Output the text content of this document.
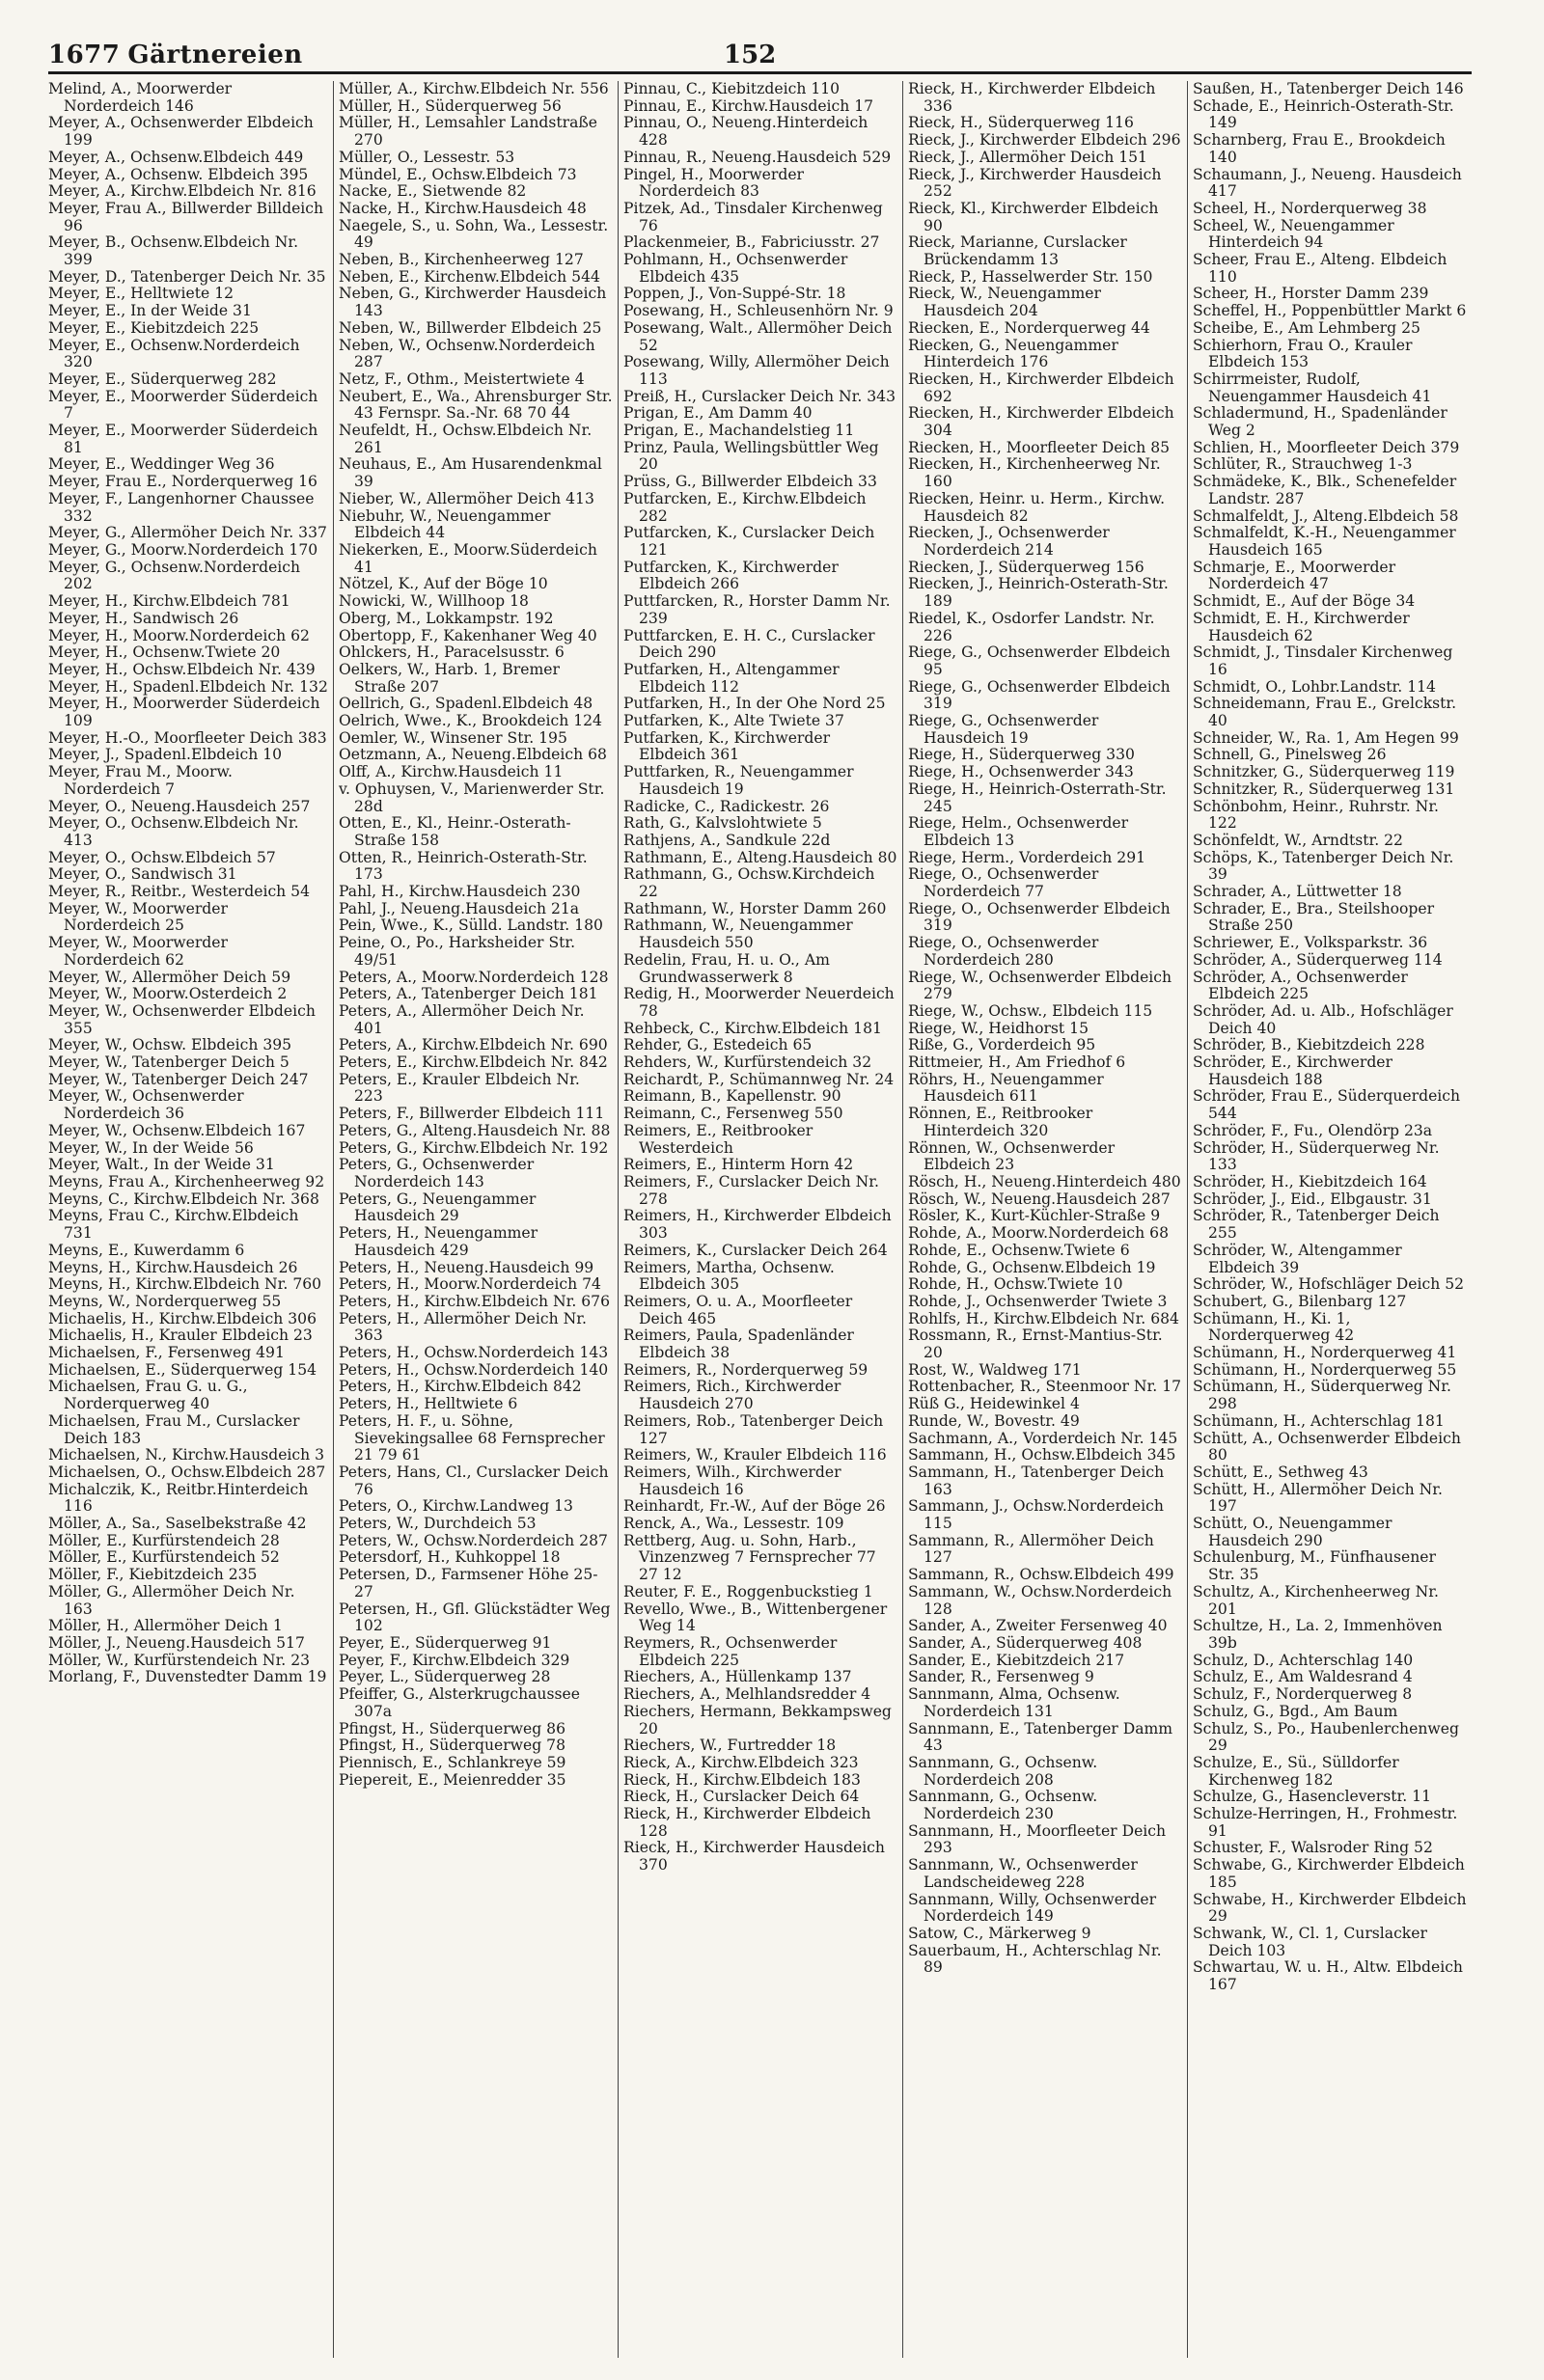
1677 Gärtnereien	152
Melind, A., Moorwerder Norderdeich 146
Meyer, A., Ochsenwerder Elbdeich 199
Meyer, A., Ochsenw.Elbdeich 449
Meyer, A., Ochsenw. Elbdeich 395
Meyer, A., Kirchw.Elbdeich Nr. 816
Meyer, Frau A., Billwerder Billdeich 96
Meyer, B., Ochsenw.Elbdeich Nr. 399
Meyer, D., Tatenberger Deich Nr. 35
Meyer, E., Helltwiete 12
Meyer, E., In der Weide 31
Meyer, E., Kiebitzdeich 225
Meyer, E., Ochsenw.Norderdeich 320
Meyer, E., Süderquerweg 282
Meyer, E., Moorwerder Süderdeich 7
Meyer, E., Moorwerder Süderdeich 81
Meyer, E., Weddinger Weg 36
Meyer, Frau E., Norderquerweg 16
Meyer, F., Langenhorner Chaussee 332
Meyer, G., Allermöher Deich Nr. 337
Meyer, G., Moorw.Norderdeich 170
Meyer, G., Ochsenw.Norderdeich 202
Meyer, H., Kirchw.Elbdeich 781
Meyer, H., Sandwisch 26
Meyer, H., Moorw.Norderdeich 62
Meyer, H., Ochsenw.Twiete 20
Meyer, H., Ochsw.Elbdeich Nr. 439
Meyer, H., Spadenl.Elbdeich Nr. 132
Meyer, H., Moorwerder Süderdeich 109
Meyer, H.-O., Moorfleeter Deich 383
Meyer, J., Spadenl.Elbdeich 10
Meyer, Frau M., Moorw. Norderdeich 7
Meyer, O., Neueng.Hausdeich 257
Meyer, O., Ochsenw.Elbdeich Nr. 413
Meyer, O., Ochsw.Elbdeich 57
Meyer, O., Sandwisch 31
Meyer, R., Reitbr., Westerdeich 54
Meyer, W., Moorwerder Norderdeich 25
Meyer, W., Moorwerder Norderdeich 62
Meyer, W., Allermöher Deich 59
Meyer, W., Moorw.Osterdeich 2
Meyer, W., Ochsenwerder Elbdeich 355
Meyer, W., Ochsw. Elbdeich 395
Meyer, W., Tatenberger Deich 5
Meyer, W., Tatenberger Deich 247
Meyer, W., Ochsenwerder Norderdeich 36
Meyer, W., Ochsenw.Elbdeich 167
Meyer, W., In der Weide 56
Meyer, Walt., In der Weide 31
Meyns, Frau A., Kirchenheerweg 92
Meyns, C., Kirchw.Elbdeich Nr. 368
Meyns, Frau C., Kirchw.Elbdeich 731
Meyns, E., Kuwerdamm 6
Meyns, H., Kirchw.Hausdeich 26
Meyns, H., Kirchw.Elbdeich Nr. 760
Meyns, W., Norderquerweg 55
Michaelis, H., Kirchw.Elbdeich 306
Michaelis, H., Krauler Elbdeich 23
Michaelsen, F., Fersenweg 491
Michaelsen, E., Süderquerweg 154
Michaelsen, Frau G. u. G., Norderquerweg 40
Michaelsen, Frau M., Curslacker Deich 183
Michaelsen, N., Kirchw.Hausdeich 3
Michaelsen, O., Ochsw.Elbdeich 287
Michalczik, K., Reitbr.Hinterdeich 116
Möller, A., Sa., Saselbekstraße 42
Möller, E., Kurfürstendeich 28
Möller, E., Kurfürstendeich 52
Möller, F., Kiebitzdeich 235
Möller, G., Allermöher Deich Nr. 163
Möller, H., Allermöher Deich 1
Möller, J., Neueng.Hausdeich 517
Möller, W., Kurfürstendeich Nr. 23
Morlang, F., Duvenstedter Damm 19
Müller, A., Kirchw.Elbdeich Nr. 556
Müller, H., Süderquerweg 56
Müller, H., Lemsahler Landstraße 270
Müller, O., Lessestr. 53
Mündel, E., Ochsw.Elbdeich 73
Nacke, E., Sietwende 82
Nacke, H., Kirchw.Hausdeich 48
Naegele, S., u. Sohn, Wa., Lessestr. 49
Neben, B., Kirchenheerweg 127
Neben, E., Kirchenw.Elbdeich 544
Neben, G., Kirchwerder Hausdeich 143
Neben, W., Billwerder Elbdeich 25
Neben, W., Ochsenw.Norderdeich 287
Netz, F., Othm., Meistertwiete 4
Neubert, E., Wa., Ahrensburger Str. 43 Fernspr. Sa.-Nr. 68 70 44
Neufeldt, H., Ochsw.Elbdeich Nr. 261
Neuhaus, E., Am Husarendenkmal 39
Nieber, W., Allermöher Deich 413
Niebuhr, W., Neuengammer Elbdeich 44
Niekerken, E., Moorw.Süderdeich 41
Nötzel, K., Auf der Böge 10
Nowicki, W., Willhoop 18
Oberg, M., Lokkampstr. 192
Obertopp, F., Kakenhaner Weg 40
Ohlckers, H., Paracelsusstr. 6
Oelkers, W., Harb. 1, Bremer Straße 207
Oellrich, G., Spadenl.Elbdeich 48
Oelrich, Wwe., K., Brookdeich 124
Oemler, W., Winsener Str. 195
Oetzmann, A., Neueng.Elbdeich 68
Olff, A., Kirchw.Hausdeich 11
v. Ophuysen, V., Marienwerder Str. 28d
Otten, E., Kl., Heinr.-Osterath-Straße 158
Otten, R., Heinrich-Osterath-Str. 173
Pahl, H., Kirchw.Hausdeich 230
Pahl, J., Neueng.Hausdeich 21a
Pein, Wwe., K., Sülld. Landstr. 180
Peine, O., Po., Harksheider Str. 49/51
Peters, A., Moorw.Norderdeich 128
Peters, A., Tatenberger Deich 181
Peters, A., Allermöher Deich Nr. 401
Peters, A., Kirchw.Elbdeich Nr. 690
Peters, E., Kirchw.Elbdeich Nr. 842
Peters, E., Krauler Elbdeich Nr. 223
Peters, F., Billwerder Elbdeich 111
Peters, G., Alteng.Hausdeich Nr. 88
Peters, G., Kirchw.Elbdeich Nr. 192
Peters, G., Ochsenwerder Norderdeich 143
Peters, G., Neuengammer Hausdeich 29
Peters, H., Neuengammer Hausdeich 429
Peters, H., Neueng.Hausdeich 99
Peters, H., Moorw.Norderdeich 74
Peters, H., Kirchw.Elbdeich Nr. 676
Peters, H., Allermöher Deich Nr. 363
Peters, H., Ochsw.Norderdeich 143
Peters, H., Ochsw.Norderdeich 140
Peters, H., Kirchw.Elbdeich 842
Peters, H., Helltwiete 6
Peters, H. F., u. Söhne, Sievekingsallee 68 Fernsprecher 21 79 61
Peters, Hans, Cl., Curslacker Deich 76
Peters, O., Kirchw.Landweg 13
Peters, W., Durchdeich 53
Peters, W., Ochsw.Norderdeich 287
Petersdorf, H., Kuhkoppel 18
Petersen, D., Farmsener Höhe 25-27
Petersen, H., Gfl. Glückstädter Weg 102
Peyer, E., Süderquerweg 91
Peyer, F., Kirchw.Elbdeich 329
Peyer, L., Süderquerweg 28
Pfeiffer, G., Alsterkrugchaussee 307a
Pfingst, H., Süderquerweg 86
Pfingst, H., Süderquerweg 78
Piennisch, E., Schlankreye 59
Piepereit, E., Meienredder 35
Pinnau, C., Kiebitzdeich 110
Pinnau, E., Kirchw.Hausdeich 17
Pinnau, O., Neueng.Hinterdeich 428
Pinnau, R., Neueng.Hausdeich 529
Pingel, H., Moorwerder Norderdeich 83
Pitzek, Ad., Tinsdaler Kirchenweg 76
Plackenmeier, B., Fabriciusstr. 27
Pohlmann, H., Ochsenwerder Elbdeich 435
Poppen, J., Von-Suppé-Str. 18
Posewang, H., Schleusenhörn Nr. 9
Posewang, Walt., Allermöher Deich 52
Posewang, Willy, Allermöher Deich 113
Preiß, H., Curslacker Deich Nr. 343
Prigan, E., Am Damm 40
Prigan, E., Machandelstieg 11
Prinz, Paula, Wellingsbüttler Weg 20
Prüss, G., Billwerder Elbdeich 33
Putfarcken, E., Kirchw.Elbdeich 282
Putfarcken, K., Curslacker Deich 121
Putfarcken, K., Kirchwerder Elbdeich 266
Puttfarcken, R., Horster Damm Nr. 239
Puttfarcken, E. H. C., Curslacker Deich 290
Putfarken, H., Altengammer Elbdeich 112
Putfarken, H., In der Ohe Nord 25
Putfarken, K., Alte Twiete 37
Putfarken, K., Kirchwerder Elbdeich 361
Puttfarken, R., Neuengammer Hausdeich 19
Radicke, C., Radickestr. 26
Rath, G., Kalvslohtwiete 5
Rathjens, A., Sandkule 22d
Rathmann, E., Alteng.Hausdeich 80
Rathmann, G., Ochsw.Kirchdeich 22
Rathmann, W., Horster Damm 260
Rathmann, W., Neuengammer Hausdeich 550
Redelin, Frau, H. u. O., Am Grundwasserwerk 8
Redig, H., Moorwerder Neuerdeich 78
Rehbeck, C., Kirchw.Elbdeich 181
Rehder, G., Estedeich 65
Rehders, W., Kurfürstendeich 32
Reichardt, P., Schümannweg Nr. 24
Reimann, B., Kapellenstr. 90
Reimann, C., Fersenweg 550
Reimers, E., Reitbrooker Westerdeich
Reimers, E., Hinterm Horn 42
Reimers, F., Curslacker Deich Nr. 278
Reimers, H., Kirchwerder Elbdeich 303
Reimers, K., Curslacker Deich 264
Reimers, Martha, Ochsenw. Elbdeich 305
Reimers, O. u. A., Moorfleeter Deich 465
Reimers, Paula, Spadenländer Elbdeich 38
Reimers, R., Norderquerweg 59
Reimers, Rich., Kirchwerder Hausdeich 270
Reimers, Rob., Tatenberger Deich 127
Reimers, W., Krauler Elbdeich 116
Reimers, Wilh., Kirchwerder Hausdeich 16
Reinhardt, Fr.-W., Auf der Böge 26
Renck, A., Wa., Lessestr. 109
Rettberg, Aug. u. Sohn, Harb., Vinzenzweg 7 Fernsprecher 77 27 12
Reuter, F. E., Roggenbuckstieg 1
Revello, Wwe., B., Wittenbergener Weg 14
Reymers, R., Ochsenwerder Elbdeich 225
Riechers, A., Hüllenkamp 137
Riechers, A., Melhlandsredder 4
Riechers, Hermann, Bekkampsweg 20
Riechers, W., Furtredder 18
Rieck, A., Kirchw.Elbdeich 323
Rieck, H., Kirchw.Elbdeich 183
Rieck, H., Curslacker Deich 64
Rieck, H., Kirchwerder Elbdeich 128
Rieck, H., Kirchwerder Hausdeich 370
Rieck, H., Kirchwerder Elbdeich 336
Rieck, H., Süderquerweg 116
Rieck, J., Kirchwerder Elbdeich 296
Rieck, J., Allermöher Deich 151
Rieck, J., Kirchwerder Hausdeich 252
Rieck, Kl., Kirchwerder Elbdeich 90
Rieck, Marianne, Curslacker Brückendamm 13
Rieck, P., Hasselwerder Str. 150
Rieck, W., Neuengammer Hausdeich 204
Riecken, E., Norderquerweg 44
Riecken, G., Neuengammer Hinterdeich 176
Riecken, H., Kirchwerder Elbdeich 692
Riecken, H., Kirchwerder Elbdeich 304
Riecken, H., Moorfleeter Deich 85
Riecken, H., Kirchenheerweg Nr. 160
Riecken, Heinr. u. Herm., Kirchw. Hausdeich 82
Riecken, J., Ochsenwerder Norderdeich 214
Riecken, J., Süderquerweg 156
Riecken, J., Heinrich-Osterath-Str. 189
Riedel, K., Osdorfer Landstr. Nr. 226
Riege, G., Ochsenwerder Elbdeich 95
Riege, G., Ochsenwerder Elbdeich 319
Riege, G., Ochsenwerder Hausdeich 19
Riege, H., Süderquerweg 330
Riege, H., Ochsenwerder 343
Riege, H., Heinrich-Osterrath-Str. 245
Riege, Helm., Ochsenwerder Elbdeich 13
Riege, Herm., Vorderdeich 291
Riege, O., Ochsenwerder Norderdeich 77
Riege, O., Ochsenwerder Elbdeich 319
Riege, O., Ochsenwerder Norderdeich 280
Riege, W., Ochsenwerder Elbdeich 279
Riege, W., Ochsw., Elbdeich 115
Riege, W., Heidhorst 15
Riße, G., Vorderdeich 95
Rittmeier, H., Am Friedhof 6
Röhrs, H., Neuengammer Hausdeich 611
Rönnen, E., Reitbrooker Hinterdeich 320
Rönnen, W., Ochsenwerder Elbdeich 23
Rösch, H., Neueng.Hinterdeich 480
Rösch, W., Neueng.Hausdeich 287
Rösler, K., Kurt-Küchler-Straße 9
Rohde, A., Moorw.Norderdeich 68
Rohde, E., Ochsenw.Twiete 6
Rohde, G., Ochsenw.Elbdeich 19
Rohde, H., Ochsw.Twiete 10
Rohde, J., Ochsenwerder Twiete 3
Rohlfs, H., Kirchw.Elbdeich Nr. 684
Rossmann, R., Ernst-Mantius-Str. 20
Rost, W., Waldweg 171
Rottenbacher, R., Steenmoor Nr. 17
Rüß G., Heidewinkel 4
Runde, W., Bovestr. 49
Sachmann, A., Vorderdeich Nr. 145
Sammann, H., Ochsw.Elbdeich 345
Sammann, H., Tatenberger Deich 163
Sammann, J., Ochsw.Norderdeich 115
Sammann, R., Allermöher Deich 127
Sammann, R., Ochsw.Elbdeich 499
Sammann, W., Ochsw.Norderdeich 128
Sander, A., Zweiter Fersenweg 40
Sander, A., Süderquerweg 408
Sander, E., Kiebitzdeich 217
Sander, R., Fersenweg 9
Sannmann, Alma, Ochsenw. Norderdeich 131
Sannmann, E., Tatenberger Damm 43
Sannmann, G., Ochsenw. Norderdeich 208
Sannmann, G., Ochsenw. Norderdeich 230
Sannmann, H., Moorfleeter Deich 293
Sannmann, W., Ochsenwerder Landscheideweg 228
Sannmann, Willy, Ochsenwerder Norderdeich 149
Satow, C., Märkerweg 9
Sauerbaum, H., Achterschlag Nr. 89
Saußen, H., Tatenberger Deich 146
Schade, E., Heinrich-Osterath-Str. 149
Scharnberg, Frau E., Brookdeich 140
Schaumann, J., Neueng. Hausdeich 417
Scheel, H., Norderquerweg 38
Scheel, W., Neuengammer Hinterdeich 94
Scheer, Frau E., Alteng. Elbdeich 110
Scheer, H., Horster Damm 239
Scheffel, H., Poppenbüttler Markt 6
Scheibe, E., Am Lehmberg 25
Schierhorn, Frau O., Krauler Elbdeich 153
Schirrmeister, Rudolf, Neuengammer Hausdeich 41
Schladermund, H., Spadenländer Weg 2
Schlien, H., Moorfleeter Deich 379
Schlüter, R., Strauchweg 1-3
Schmädeke, K., Blk., Schenefelder Landstr. 287
Schmalfeldt, J., Alteng.Elbdeich 58
Schmalfeldt, K.-H., Neuengammer Hausdeich 165
Schmarje, E., Moorwerder Norderdeich 47
Schmidt, E., Auf der Böge 34
Schmidt, E. H., Kirchwerder Hausdeich 62
Schmidt, J., Tinsdaler Kirchenweg 16
Schmidt, O., Lohbr.Landstr. 114
Schneidemann, Frau E., Grelckstr. 40
Schneider, W., Ra. 1, Am Hegen 99
Schnell, G., Pinelsweg 26
Schnitzker, G., Süderquerweg 119
Schnitzker, R., Süderquerweg 131
Schönbohm, Heinr., Ruhrstr. Nr. 122
Schönfeldt, W., Arndtstr. 22
Schöps, K., Tatenberger Deich Nr. 39
Schrader, A., Lüttwetter 18
Schrader, E., Bra., Steilshooper Straße 250
Schriewer, E., Volksparkstr. 36
Schröder, A., Süderquerweg 114
Schröder, A., Ochsenwerder Elbdeich 225
Schröder, Ad. u. Alb., Hofschläger Deich 40
Schröder, B., Kiebitzdeich 228
Schröder, E., Kirchwerder Hausdeich 188
Schröder, Frau E., Süderquerdeich 544
Schröder, F., Fu., Olendörp 23a
Schröder, H., Süderquerweg Nr. 133
Schröder, H., Kiebitzdeich 164
Schröder, J., Eid., Elbgaustr. 31
Schröder, R., Tatenberger Deich 255
Schröder, W., Altengammer Elbdeich 39
Schröder, W., Hofschläger Deich 52
Schubert, G., Bilenbarg 127
Schümann, H., Ki. 1, Norderquerweg 42
Schümann, H., Norderquerweg 41
Schümann, H., Norderquerweg 55
Schümann, H., Süderquerweg Nr. 298
Schümann, H., Achterschlag 181
Schütt, A., Ochsenwerder Elbdeich 80
Schütt, E., Sethweg 43
Schütt, H., Allermöher Deich Nr. 197
Schütt, O., Neuengammer Hausdeich 290
Schulenburg, M., Fünfhausener Str. 35
Schultz, A., Kirchenheerweg Nr. 201
Schultze, H., La. 2, Immenhöven 39b
Schulz, D., Achterschlag 140
Schulz, E., Am Waldesrand 4
Schulz, F., Norderquerweg 8
Schulz, G., Bgd., Am Baum
Schulz, S., Po., Haubenlerchenweg 29
Schulze, E., Sü., Sülldorfer Kirchenweg 182
Schulze, G., Hasencleverstr. 11
Schulze-Herringen, H., Frohmestr. 91
Schuster, F., Walsroder Ring 52
Schwabe, G., Kirchwerder Elbdeich 185
Schwabe, H., Kirchwerder Elbdeich 29
Schwank, W., Cl. 1, Curslacker Deich 103
Schwartau, W. u. H., Altw. Elbdeich 167
